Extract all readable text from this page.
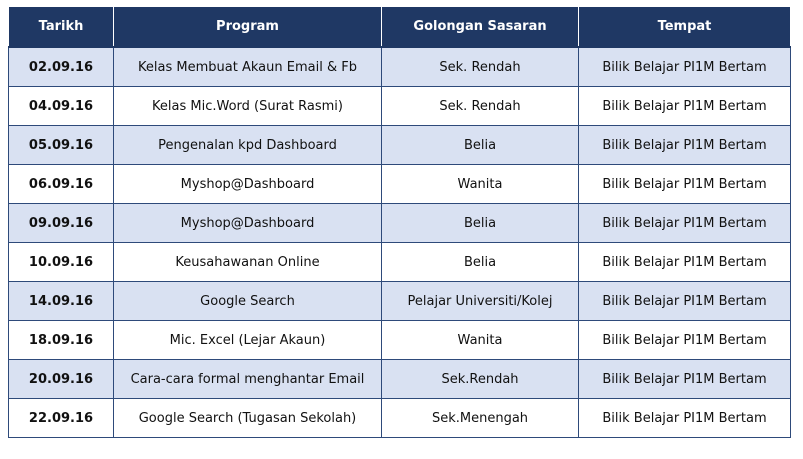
Tarikh	Program	Golongan Sasaran	Tempat
02.09.16	Kelas Membuat Akaun Email & Fb	Sek. Rendah	Bilik Belajar PI1M Bertam
04.09.16	Kelas Mic.Word (Surat Rasmi)	Sek. Rendah	Bilik Belajar PI1M Bertam
05.09.16	Pengenalan kpd Dashboard	Belia	Bilik Belajar PI1M Bertam
06.09.16	Myshop@Dashboard	Wanita	Bilik Belajar PI1M Bertam
09.09.16	Myshop@Dashboard	Belia	Bilik Belajar PI1M Bertam
10.09.16	Keusahawanan Online	Belia	Bilik Belajar PI1M Bertam
14.09.16	Google Search	Pelajar Universiti/Kolej	Bilik Belajar PI1M Bertam
18.09.16	Mic. Excel (Lejar Akaun)	Wanita	Bilik Belajar PI1M Bertam
20.09.16	Cara-cara formal menghantar Email	Sek.Rendah	Bilik Belajar PI1M Bertam
22.09.16	Google Search (Tugasan Sekolah)	Sek.Menengah	Bilik Belajar PI1M Bertam
